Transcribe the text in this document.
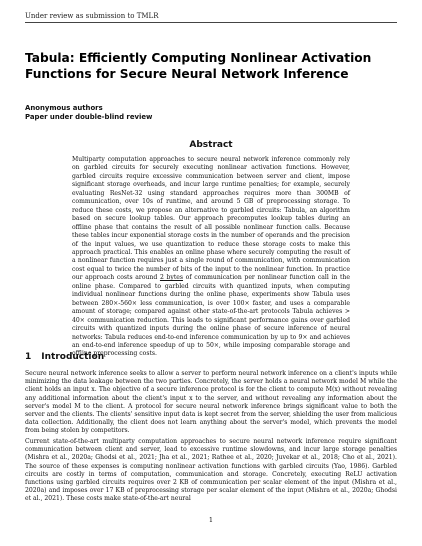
Under review as submission to TMLR
Tabula: Efficiently Computing Nonlinear Activation Functions for Secure Neural Network Inference
Anonymous authors
Paper under double-blind review
Abstract

Multiparty computation approaches to secure neural network inference commonly rely on garbled circuits for securely executing nonlinear activation functions. However, garbled circuits require excessive communication between server and client, impose significant storage overheads, and incur large runtime penalties; for example, securely evaluating ResNet-32 using standard approaches requires more than 300MB of communication, over 10s of runtime, and around 5 GB of preprocessing storage. To reduce these costs, we propose an alternative to garbled circuits: Tabula, an algorithm based on secure lookup tables. Our approach precomputes lookup tables during an offline phase that contains the result of all possible nonlinear function calls. Because these tables incur exponential storage costs in the number of operands and the precision of the input values, we use quantization to reduce these storage costs to make this approach practical. This enables an online phase where securely computing the result of a nonlinear function requires just a single round of communication, with communication cost equal to twice the number of bits of the input to the nonlinear function. In practice our approach costs around 2 bytes of communication per nonlinear function call in the online phase. Compared to garbled circuits with quantized inputs, when computing individual nonlinear functions during the online phase, experiments show Tabula uses between 280×-560× less communication, is over 100× faster, and uses a comparable amount of storage; compared against other state-of-the-art protocols Tabula achieves > 40× communication reduction. This leads to significant performance gains over garbled circuits with quantized inputs during the online phase of secure inference of neural networks: Tabula reduces end-to-end inference communication by up to 9× and achieves an end-to-end inference speedup of up to 50×, while imposing comparable storage and offline preprocessing costs.

1 Introduction

Secure neural network inference seeks to allow a server to perform neural network inference on a client's inputs while minimizing the data leakage between the two parties. Concretely, the server holds a neural network model M while the client holds an input x. The objective of a secure inference protocol is for the client to compute M(x) without revealing any additional information about the client's input x to the server, and without revealing any information about the server's model M to the client. A protocol for secure neural network inference brings significant value to both the server and the clients. The clients' sensitive input data is kept secret from the server, shielding the user from malicious data collection. Additionally, the client does not learn anything about the server's model, which prevents the model from being stolen by competitors.

Current state-of-the-art multiparty computation approaches to secure neural network inference require significant communication between client and server, lead to excessive runtime slowdowns, and incur large storage penalties (Mishra et al., 2020a; Ghodsi et al., 2021; Jha et al., 2021; Rathee et al., 2020; Juvekar et al., 2018; Cho et al., 2021). The source of these expenses is computing nonlinear activation functions with garbled circuits (Yao, 1986). Garbled circuits are costly in terms of computation, communication and storage. Concretely, executing ReLU activation functions using garbled circuits requires over 2 KB of communication per scalar element of the input (Mishra et al., 2020a) and imposes over 17 KB of preprocessing storage per scalar element of the input (Mishra et al., 2020a; Ghodsi et al., 2021). These costs make state-of-the-art neural

1
